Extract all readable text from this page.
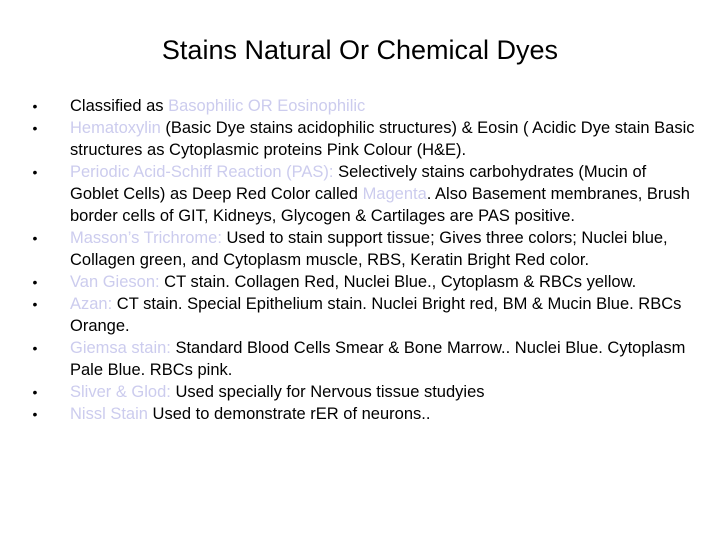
Stains Natural Or Chemical Dyes
• Classified as Basophilic OR Eosinophilic
• Hematoxylin (Basic Dye stains acidophilic structures) & Eosin ( Acidic Dye stain Basic structures as Cytoplasmic proteins Pink Colour (H&E).
• Periodic Acid-Schiff Reaction (PAS): Selectively stains carbohydrates (Mucin of Goblet Cells) as Deep Red Color called Magenta. Also Basement membranes, Brush border cells of GIT, Kidneys, Glycogen & Cartilages are PAS positive.
• Masson’s Trichrome: Used to stain support tissue; Gives three colors; Nuclei blue, Collagen green, and Cytoplasm muscle, RBS, Keratin Bright Red color.
• Van Gieson: CT stain. Collagen Red, Nuclei Blue., Cytoplasm & RBCs yellow.
• Azan: CT stain. Special Epithelium stain. Nuclei Bright red, BM & Mucin Blue. RBCs Orange.
• Giemsa stain: Standard Blood Cells Smear & Bone Marrow.. Nuclei Blue. Cytoplasm Pale Blue. RBCs pink.
• Sliver & Glod: Used specially for Nervous tissue studyies
• Nissl Stain Used to demonstrate rER of neurons..
